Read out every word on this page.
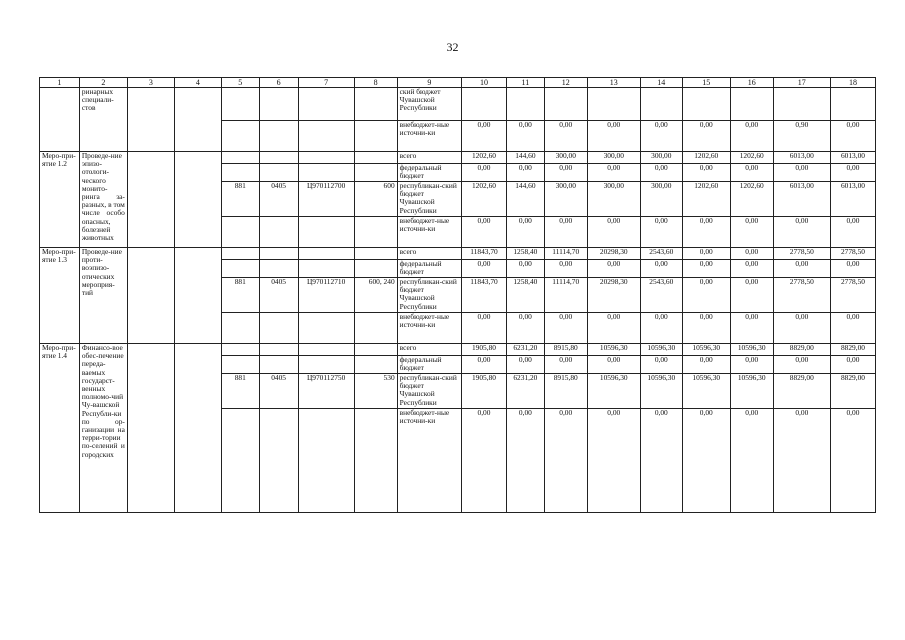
32
1	2	3	4	5	6	7	8	9	10	11	12	13	14	15	16	17	18
	ринарных специали-стов							ский бюджет Чувашской Республики									
								внебюджет-ные источни-ки	0,00	0,00	0,00	0,00	0,00	0,00	0,00	0,90	0,00
Меро-при-ятие 1.2	Проведе-ние эпизо-отологи-ческого монито-ринга за-разных, в том числе особо опасных, болезней животных							всего	1202,60	144,60	300,00	300,00	300,00	1202,60	1202,60	6013,00	6013,00
								федеральный бюджет	0,00	0,00	0,00	0,00	0,00	0,00	0,00	0,00	0,00
				881	0405	Ц970112700	600	республикан-ский бюджет Чувашской Республики	1202,60	144,60	300,00	300,00	300,00	1202,60	1202,60	6013,00	6013,00
								внебюджет-ные источни-ки	0,00	0,00	0,00	0,00	0,00	0,00	0,00	0,00	0,00
Меро-при-ятие 1.3	Проведе-ние проти-воэпизо-отических мероприя-тий							всего	11843,70	1258,40	11114,70	20298,30	2543,60	0,00	0,00	2778,50	2778,50
								федеральный бюджет	0,00	0,00	0,00	0,00	0,00	0,00	0,00	0,00	0,00
				881	0405	Ц970112710	600, 240	республикан-ский бюджет Чувашской Республики	11843,70	1258,40	11114,70	20298,30	2543,60	0,00	0,00	2778,50	2778,50
								внебюджет-ные источни-ки	0,00	0,00	0,00	0,00	0,00	0,00	0,00	0,00	0,00
Меро-при-ятие 1.4	Финансо-вое обес-печение переда-ваемых государст-венных полномо-чий Чу-вашской Республи-ки по ор-ганизации на терри-тории по-селений и городских							всего	1905,80	6231,20	8915,80	10596,30	10596,30	10596,30	10596,30	8829,00	8829,00
								федеральный бюджет	0,00	0,00	0,00	0,00	0,00	0,00	0,00	0,00	0,00
				881	0405	Ц970112750	530	республикан-ский бюджет Чувашской Республики	1905,80	6231,20	8915,80	10596,30	10596,30	10596,30	10596,30	8829,00	8829,00
								внебюджет-ные источни-ки	0,00	0,00	0,00	0,00	0,00	0,00	0,00	0,00	0,00
